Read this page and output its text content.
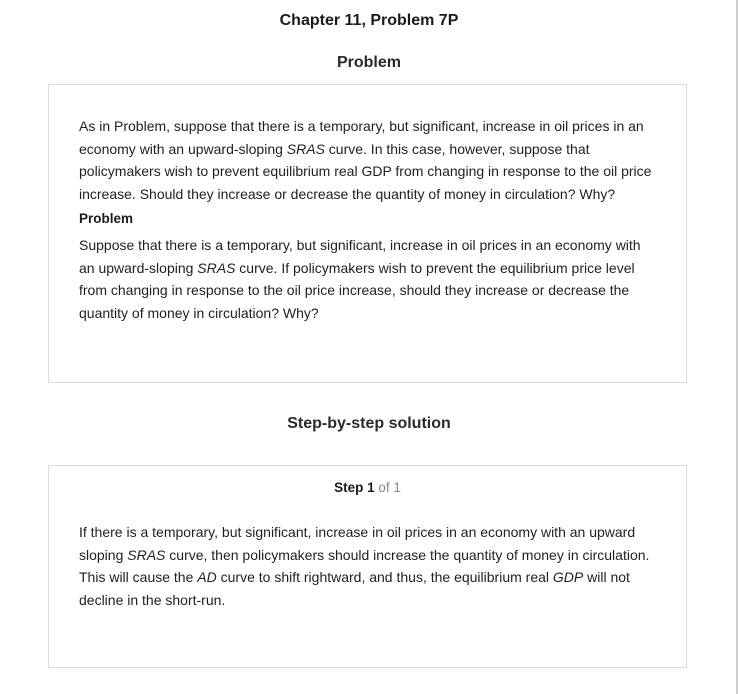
Chapter 11, Problem 7P
Problem

As in Problem, suppose that there is a temporary, but significant, increase in oil prices in an economy with an upward-sloping SRAS curve. In this case, however, suppose that policymakers wish to prevent equilibrium real GDP from changing in response to the oil price increase. Should they increase or decrease the quantity of money in circulation? Why?

Problem

Suppose that there is a temporary, but significant, increase in oil prices in an economy with an upward-sloping SRAS curve. If policymakers wish to prevent the equilibrium price level from changing in response to the oil price increase, should they increase or decrease the quantity of money in circulation? Why?

Step-by-step solution
Step 1 of 1

If there is a temporary, but significant, increase in oil prices in an economy with an upward sloping SRAS curve, then policymakers should increase the quantity of money in circulation. This will cause the AD curve to shift rightward, and thus, the equilibrium real GDP will not decline in the short-run.
